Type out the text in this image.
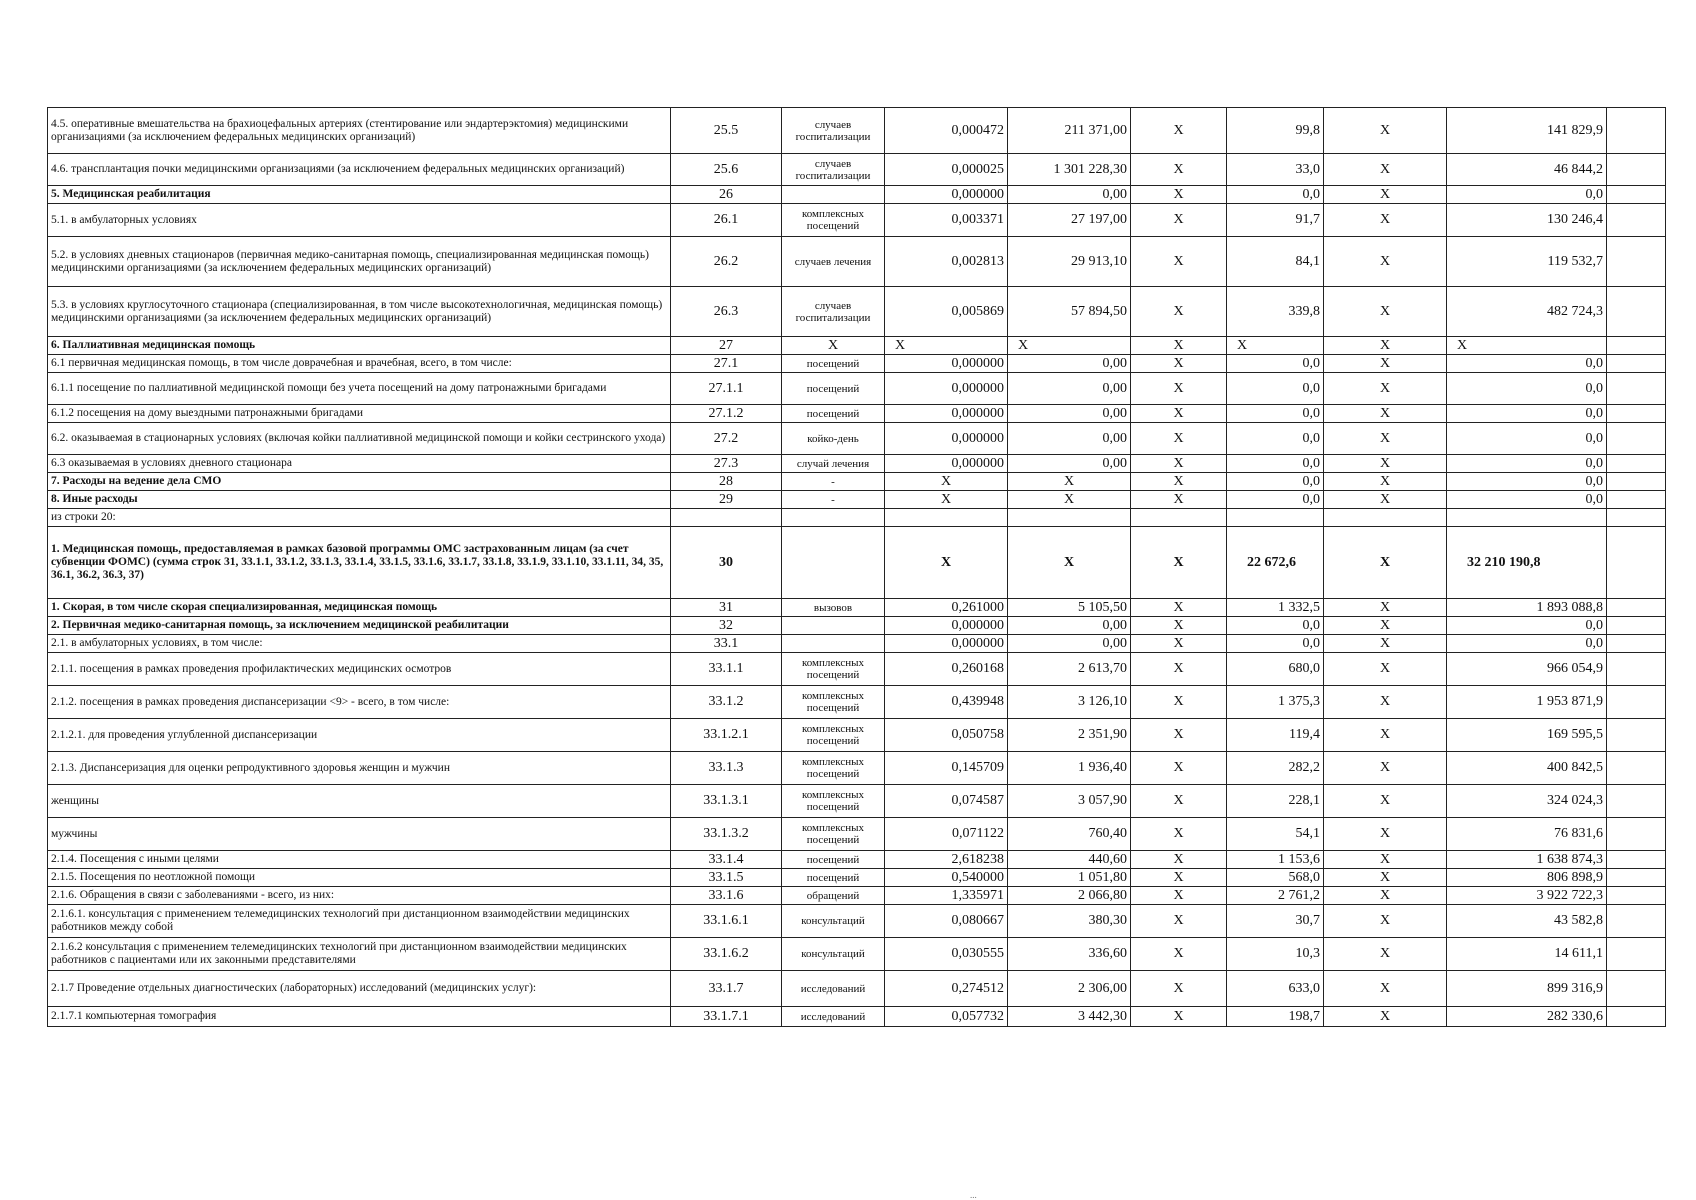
4.5. оперативные вмешательства на брахиоцефальных артериях (стентирование или эндартерэктомия) медицинскими организациями (за исключением федеральных медицинских организаций)	25.5	случаев госпитализации	0,000472	211 371,00	X	99,8	X	141 829,9	
4.6. трансплантация почки медицинскими организациями (за исключением федеральных медицинских организаций)	25.6	случаев госпитализации	0,000025	1 301 228,30	X	33,0	X	46 844,2	
5. Медицинская реабилитация	26		0,000000	0,00	X	0,0	X	0,0	
5.1. в амбулаторных условиях	26.1	комплексных посещений	0,003371	27 197,00	X	91,7	X	130 246,4	
5.2. в условиях дневных стационаров (первичная медико-санитарная помощь, специализированная медицинская помощь) медицинскими организациями (за исключением федеральных медицинских организаций)	26.2	случаев лечения	0,002813	29 913,10	X	84,1	X	119 532,7	
5.3. в условиях круглосуточного стационара (специализированная, в том числе высокотехнологичная, медицинская помощь) медицинскими организациями (за исключением федеральных медицинских организаций)	26.3	случаев госпитализации	0,005869	57 894,50	X	339,8	X	482 724,3	
6. Паллиативная медицинская помощь	27	X	X	X	X	X	X	X	
6.1 первичная медицинская помощь, в том числе доврачебная и врачебная, всего, в том числе:	27.1	посещений	0,000000	0,00	X	0,0	X	0,0	
6.1.1 посещение по паллиативной медицинской помощи без учета посещений на дому патронажными бригадами	27.1.1	посещений	0,000000	0,00	X	0,0	X	0,0	
6.1.2 посещения на дому выездными патронажными бригадами	27.1.2	посещений	0,000000	0,00	X	0,0	X	0,0	
6.2. оказываемая в стационарных условиях (включая койки паллиативной медицинской помощи и койки сестринского ухода)	27.2	койко-день	0,000000	0,00	X	0,0	X	0,0	
6.3 оказываемая в условиях дневного стационара	27.3	случай лечения	0,000000	0,00	X	0,0	X	0,0	
7. Расходы на ведение дела СМО	28	-	X	X	X	0,0	X	0,0	
8. Иные расходы	29	-	X	X	X	0,0	X	0,0	
из строки 20:									
1. Медицинская помощь, предоставляемая в рамках базовой программы ОМС застрахованным лицам (за счет субвенции ФОМС) (сумма строк 31, 33.1.1, 33.1.2, 33.1.3, 33.1.4, 33.1.5, 33.1.6, 33.1.7, 33.1.8, 33.1.9, 33.1.10, 33.1.11, 34, 35, 36.1, 36.2, 36.3, 37)	30		X	X	X	22 672,6	X	32 210 190,8	
1. Скорая, в том числе скорая специализированная, медицинская помощь	31	вызовов	0,261000	5 105,50	X	1 332,5	X	1 893 088,8	
2. Первичная медико-санитарная помощь, за исключением медицинской реабилитации	32		0,000000	0,00	X	0,0	X	0,0	
2.1. в амбулаторных условиях, в том числе:	33.1		0,000000	0,00	X	0,0	X	0,0	
2.1.1. посещения в рамках проведения профилактических медицинских осмотров	33.1.1	комплексных посещений	0,260168	2 613,70	X	680,0	X	966 054,9	
2.1.2. посещения в рамках проведения диспансеризации <9> - всего, в том числе:	33.1.2	комплексных посещений	0,439948	3 126,10	X	1 375,3	X	1 953 871,9	
2.1.2.1. для проведения углубленной диспансеризации	33.1.2.1	комплексных посещений	0,050758	2 351,90	X	119,4	X	169 595,5	
2.1.3. Диспансеризация для оценки репродуктивного здоровья женщин и мужчин	33.1.3	комплексных посещений	0,145709	1 936,40	X	282,2	X	400 842,5	
женщины	33.1.3.1	комплексных посещений	0,074587	3 057,90	X	228,1	X	324 024,3	
мужчины	33.1.3.2	комплексных посещений	0,071122	760,40	X	54,1	X	76 831,6	
2.1.4. Посещения с иными целями	33.1.4	посещений	2,618238	440,60	X	1 153,6	X	1 638 874,3	
2.1.5. Посещения по неотложной помощи	33.1.5	посещений	0,540000	1 051,80	X	568,0	X	806 898,9	
2.1.6. Обращения в связи с заболеваниями - всего, из них:	33.1.6	обращений	1,335971	2 066,80	X	2 761,2	X	3 922 722,3	
2.1.6.1. консультация с применением телемедицинских технологий при дистанционном взаимодействии медицинских работников между собой	33.1.6.1	консультаций	0,080667	380,30	X	30,7	X	43 582,8	
2.1.6.2 консультация с применением телемедицинских технологий при дистанционном взаимодействии медицинских работников с пациентами или их законными представителями	33.1.6.2	консультаций	0,030555	336,60	X	10,3	X	14 611,1	
2.1.7 Проведение отдельных диагностических (лабораторных) исследований (медицинских услуг):	33.1.7	исследований	0,274512	2 306,00	X	633,0	X	899 316,9	
2.1.7.1 компьютерная томография	33.1.7.1	исследований	0,057732	3 442,30	X	198,7	X	282 330,6	
...
